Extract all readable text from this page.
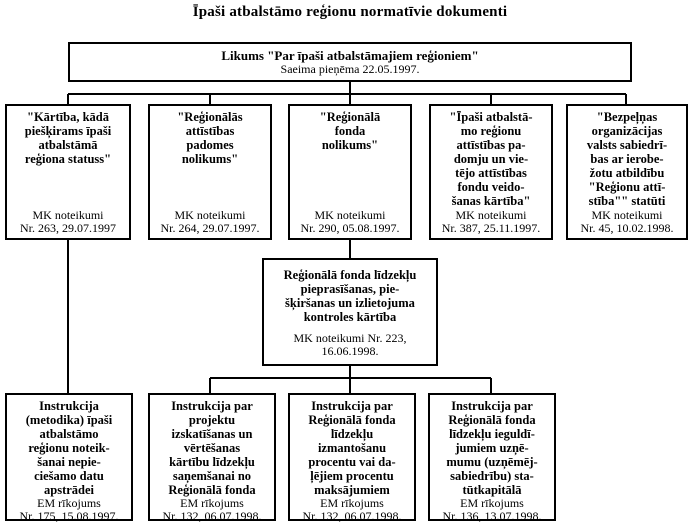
Īpaši atbalstāmo reģionu normatīvie dokumenti
Likums "Par īpaši atbalstāmajiem reģioniem"
Saeima pieņēma 22.05.1997.
"Kārtība, kādā
piešķirams īpaši
atbalstāmā
reģiona statuss"
MK noteikumi
Nr. 263, 29.07.1997
"Reģionālās
attīstības
padomes
nolikums"
MK noteikumi
Nr. 264, 29.07.1997.
"Reģionālā
fonda
nolikums"
MK noteikumi
Nr. 290, 05.08.1997.
"Īpaši atbalstā-
mo reģionu
attīstības pa-
domju un vie-
tējo attīstības
fondu veido-
šanas kārtība"
MK noteikumi
Nr. 387, 25.11.1997.
"Bezpeļņas
organizācijas
valsts sabiedrī-
bas ar ierobe-
žotu atbildību
"Reģionu attī-
stība"" statūti
MK noteikumi
Nr. 45, 10.02.1998.
Reģionālā fonda līdzekļu
pieprasīšanas, pie-
šķiršanas un izlietojuma
kontroles kārtība
MK noteikumi Nr. 223,
16.06.1998.
Instrukcija
(metodika) īpaši
atbalstāmo
reģionu noteik-
šanai nepie-
ciešamo datu
apstrādei
EM rīkojums
Nr. 175, 15.08.1997.
Instrukcija par
projektu
izskatīšanas un
vērtēšanas
kārtību līdzekļu
saņemšanai no
Reģionālā fonda
EM rīkojums
Nr. 132, 06.07.1998.
Instrukcija par
Reģionālā fonda
līdzekļu
izmantošanu
procentu vai da-
ļējiem procentu
maksājumiem
EM rīkojums
Nr. 132, 06.07.1998.
Instrukcija par
Reģionālā fonda
līdzekļu ieguldī-
jumiem uzņē-
mumu (uzņēmēj-
sabiedrību) sta-
tūtkapitālā
EM rīkojums
Nr. 136, 13.07.1998.
